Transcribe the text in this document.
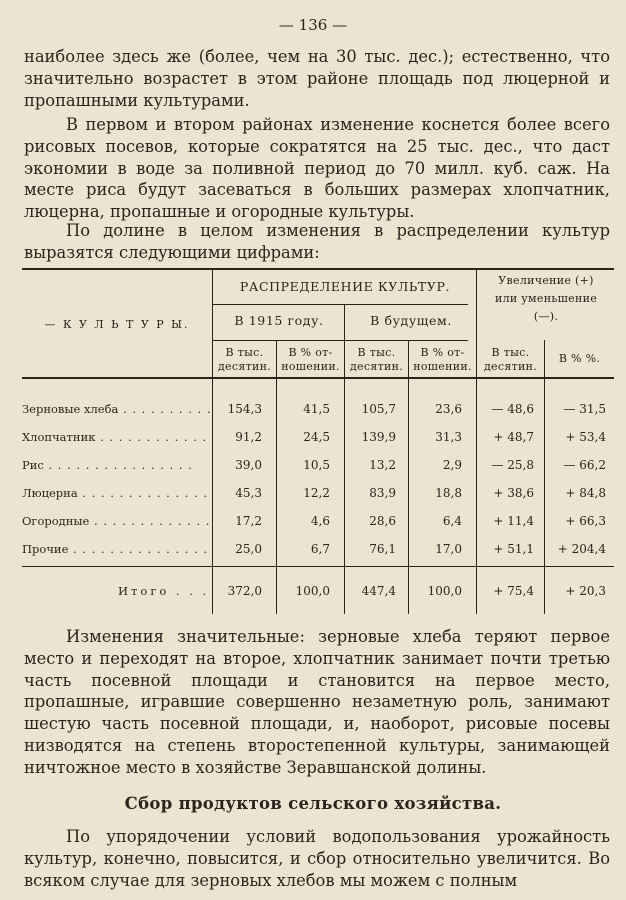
— 136 —

наиболее здесь же (более, чем на 30 тыс. дес.); естественно, что значительно возрастет в этом районе площадь под люцерной и пропашными культурами.

В первом и втором районах изменение коснется более всего рисовых посевов, которые сократятся на 25 тыс. дес., что даст экономии в воде за поливной период до 70 милл. куб. саж. На месте риса будут засеваться в больших размерах хлопчатник, люцерна, пропашные и огородные культуры.

По долине в целом изменения в распределении культур выразятся следующими цифрами:

— К У Л Ь Т У Р Ы.
РАСПРЕДЕЛЕНИЕ КУЛЬТУР.	Увеличение (+)
или уменьшение
(—).
В 1915 году.	В будущем.
В тыс.
десятин.
В % от-
ношении.
В тыс.
десятин.
В % от-
ношении.
В тыс.
десятин.
В % %.
Зерновые хлеба . . .	154,3	41,5	105,7	23,6	— 48,6	— 31,5
Хлопчатник . . .	91,2	24,5	139,9	31,3	+ 48,7	+ 53,4
Рис . . .	39,0	10,5	13,2	2,9	— 25,8	— 66,2
Люцерна . . .	45,3	12,2	83,9	18,8	+ 38,6	+ 84,8
Огородные . . .	17,2	4,6	28,6	6,4	+ 11,4	+ 66,3
Прочие . . .	25,0	6,7	76,1	17,0	+ 51,1	+ 204,4
Итого . . .	372,0	100,0	447,4	100,0	+ 75,4	+ 20,3

Изменения значительные: зерновые хлеба теряют первое место и переходят на второе, хлопчатник занимает почти третью часть посевной площади и становится на первое место, пропашные, игравшие совершенно незаметную роль, занимают шестую часть посевной площади, и, наоборот, рисовые посевы низводятся на степень второстепенной культуры, занимающей ничтожное место в хозяйстве Зеравшанской долины.

Сбор продуктов сельского хозяйства.

По упорядочении условий водопользования урожайность культур, конечно, повысится, и сбор относительно увеличится. Во всяком случае для зерновых хлебов мы можем с полным
